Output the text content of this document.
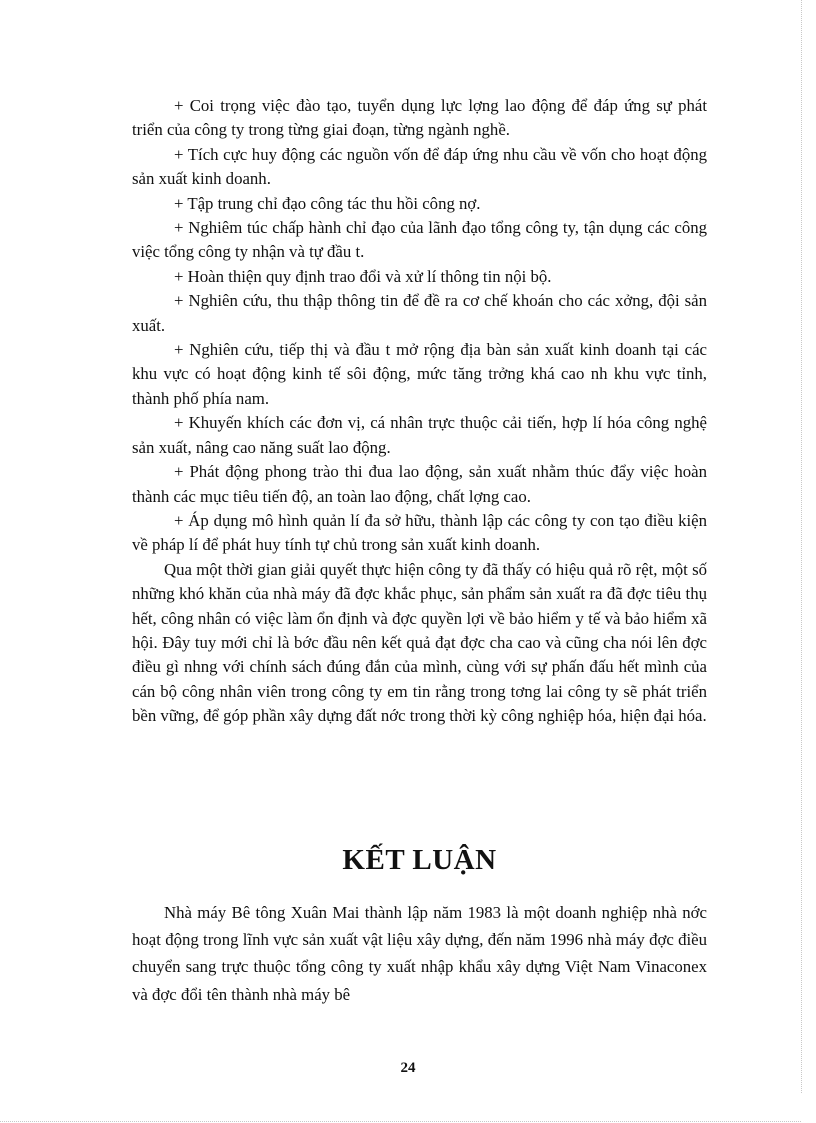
+ Coi trọng việc đào tạo, tuyển dụng lực lợng lao động để đáp ứng sự phát triển của công ty trong từng giai đoạn, từng ngành nghề.

+ Tích cực huy động các nguồn vốn để đáp ứng nhu cầu về vốn cho hoạt động sản xuất kinh doanh.

+ Tập trung chỉ đạo công tác thu hồi công nợ.

+ Nghiêm túc chấp hành chỉ đạo của lãnh đạo tổng công ty, tận dụng các công việc tổng công ty nhận và tự đầu t.

+ Hoàn thiện quy định trao đổi và xử lí thông tin nội bộ.

+ Nghiên cứu, thu thập thông tin để đề ra cơ chế khoán cho các xởng, đội sản xuất.

+ Nghiên cứu, tiếp thị và đầu t mở rộng địa bàn sản xuất kinh doanh tại các khu vực có hoạt động kinh tế sôi động, mức tăng trởng khá cao nh khu vực tỉnh, thành phố phía nam.

+ Khuyến khích các đơn vị, cá nhân trực thuộc cải tiến, hợp lí hóa công nghệ sản xuất, nâng cao năng suất lao động.

+ Phát động phong trào thi đua lao động, sản xuất nhằm thúc đẩy việc hoàn thành các mục tiêu tiến độ, an toàn lao động, chất lợng cao.

+ Áp dụng mô hình quản lí đa sở hữu, thành lập các công ty con tạo điều kiện về pháp lí để phát huy tính tự chủ trong sản xuất kinh doanh.

Qua một thời gian giải quyết thực hiện công ty đã thấy có hiệu quả rõ rệt, một số những khó khăn của nhà máy đã đợc khắc phục, sản phẩm sản xuất ra đã đợc tiêu thụ hết, công nhân có việc làm ổn định và đợc quyền lợi về bảo hiểm y tế và bảo hiểm xã hội. Đây tuy mới chỉ là bớc đầu nên kết quả đạt đợc cha cao và cũng cha nói lên đợc điều gì nhng với chính sách đúng đắn của mình, cùng với sự phấn đấu hết mình của cán bộ công nhân viên trong công ty em tin rằng trong tơng lai công ty sẽ phát triển bền vững, để góp phần xây dựng đất nớc trong thời kỳ công nghiệp hóa, hiện đại hóa.

KẾT LUẬN

Nhà máy Bê tông Xuân Mai thành lập năm 1983 là một doanh nghiệp nhà nớc hoạt động trong lĩnh vực sản xuất vật liệu xây dựng, đến năm 1996 nhà máy đợc điều chuyển sang trực thuộc tổng công ty xuất nhập khẩu xây dựng Việt Nam Vinaconex và đợc đổi tên thành nhà máy bê

24
